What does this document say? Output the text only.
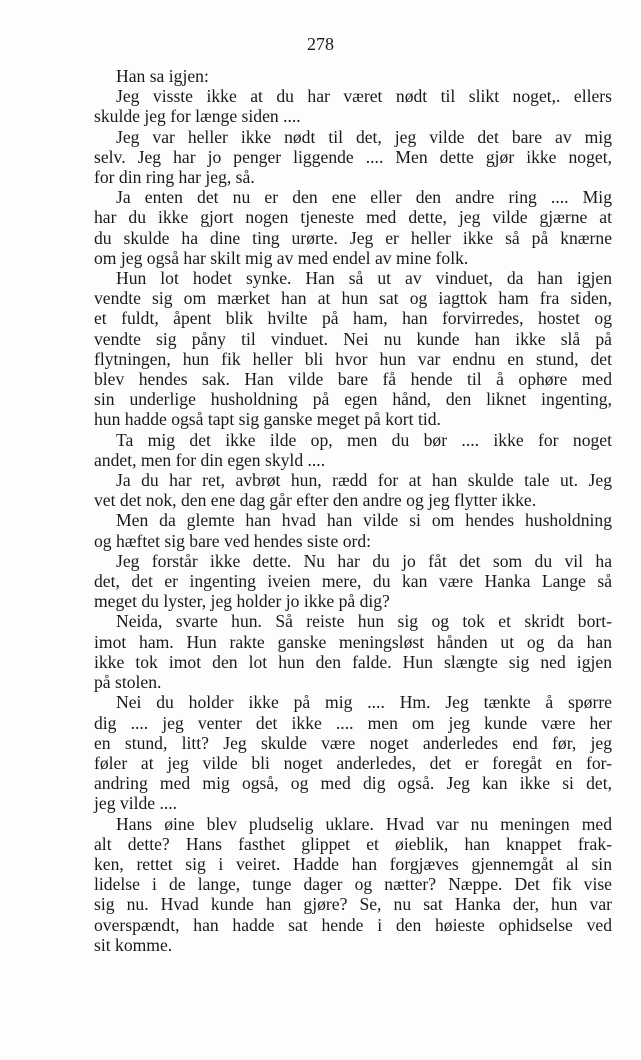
278

Han sa igjen:

Jeg visste ikke at du har været nødt til slikt noget,. ellers
skulde jeg for længe siden ....

Jeg var heller ikke nødt til det, jeg vilde det bare av mig
selv. Jeg har jo penger liggende .... Men dette gjør ikke noget,
for din ring har jeg, så.

Ja enten det nu er den ene eller den andre ring .... Mig
har du ikke gjort nogen tjeneste med dette, jeg vilde gjærne at
du skulde ha dine ting urørte. Jeg er heller ikke så på knærne
om jeg også har skilt mig av med endel av mine folk.

Hun lot hodet synke. Han så ut av vinduet, da han igjen
vendte sig om mærket han at hun sat og iagttok ham fra siden,
et fuldt, åpent blik hvilte på ham, han forvirredes, hostet og
vendte sig påny til vinduet. Nei nu kunde han ikke slå på
flytningen, hun fik heller bli hvor hun var endnu en stund, det
blev hendes sak. Han vilde bare få hende til å ophøre med
sin underlige husholdning på egen hånd, den liknet ingenting,
hun hadde også tapt sig ganske meget på kort tid.

Ta mig det ikke ilde op, men du bør .... ikke for noget
andet, men for din egen skyld ....

Ja du har ret, avbrøt hun, rædd for at han skulde tale ut. Jeg
vet det nok, den ene dag går efter den andre og jeg flytter ikke.

Men da glemte han hvad han vilde si om hendes husholdning
og hæftet sig bare ved hendes siste ord:

Jeg forstår ikke dette. Nu har du jo fåt det som du vil ha
det, det er ingenting iveien mere, du kan være Hanka Lange så
meget du lyster, jeg holder jo ikke på dig?

Neida, svarte hun. Så reiste hun sig og tok et skridt bort-
imot ham. Hun rakte ganske meningsløst hånden ut og da han
ikke tok imot den lot hun den falde. Hun slængte sig ned igjen
på stolen.

Nei du holder ikke på mig .... Hm. Jeg tænkte å spørre
dig .... jeg venter det ikke .... men om jeg kunde være her
en stund, litt? Jeg skulde være noget anderledes end før, jeg
føler at jeg vilde bli noget anderledes, det er foregåt en for-
andring med mig også, og med dig også. Jeg kan ikke si det,
jeg vilde ....

Hans øine blev pludselig uklare. Hvad var nu meningen med
alt dette? Hans fasthet glippet et øieblik, han knappet frak-
ken, rettet sig i veiret. Hadde han forgjæves gjennemgåt al sin
lidelse i de lange, tunge dager og nætter? Næppe. Det fik vise
sig nu. Hvad kunde han gjøre? Se, nu sat Hanka der, hun var
overspændt, han hadde sat hende i den høieste ophidselse ved
sit komme.
